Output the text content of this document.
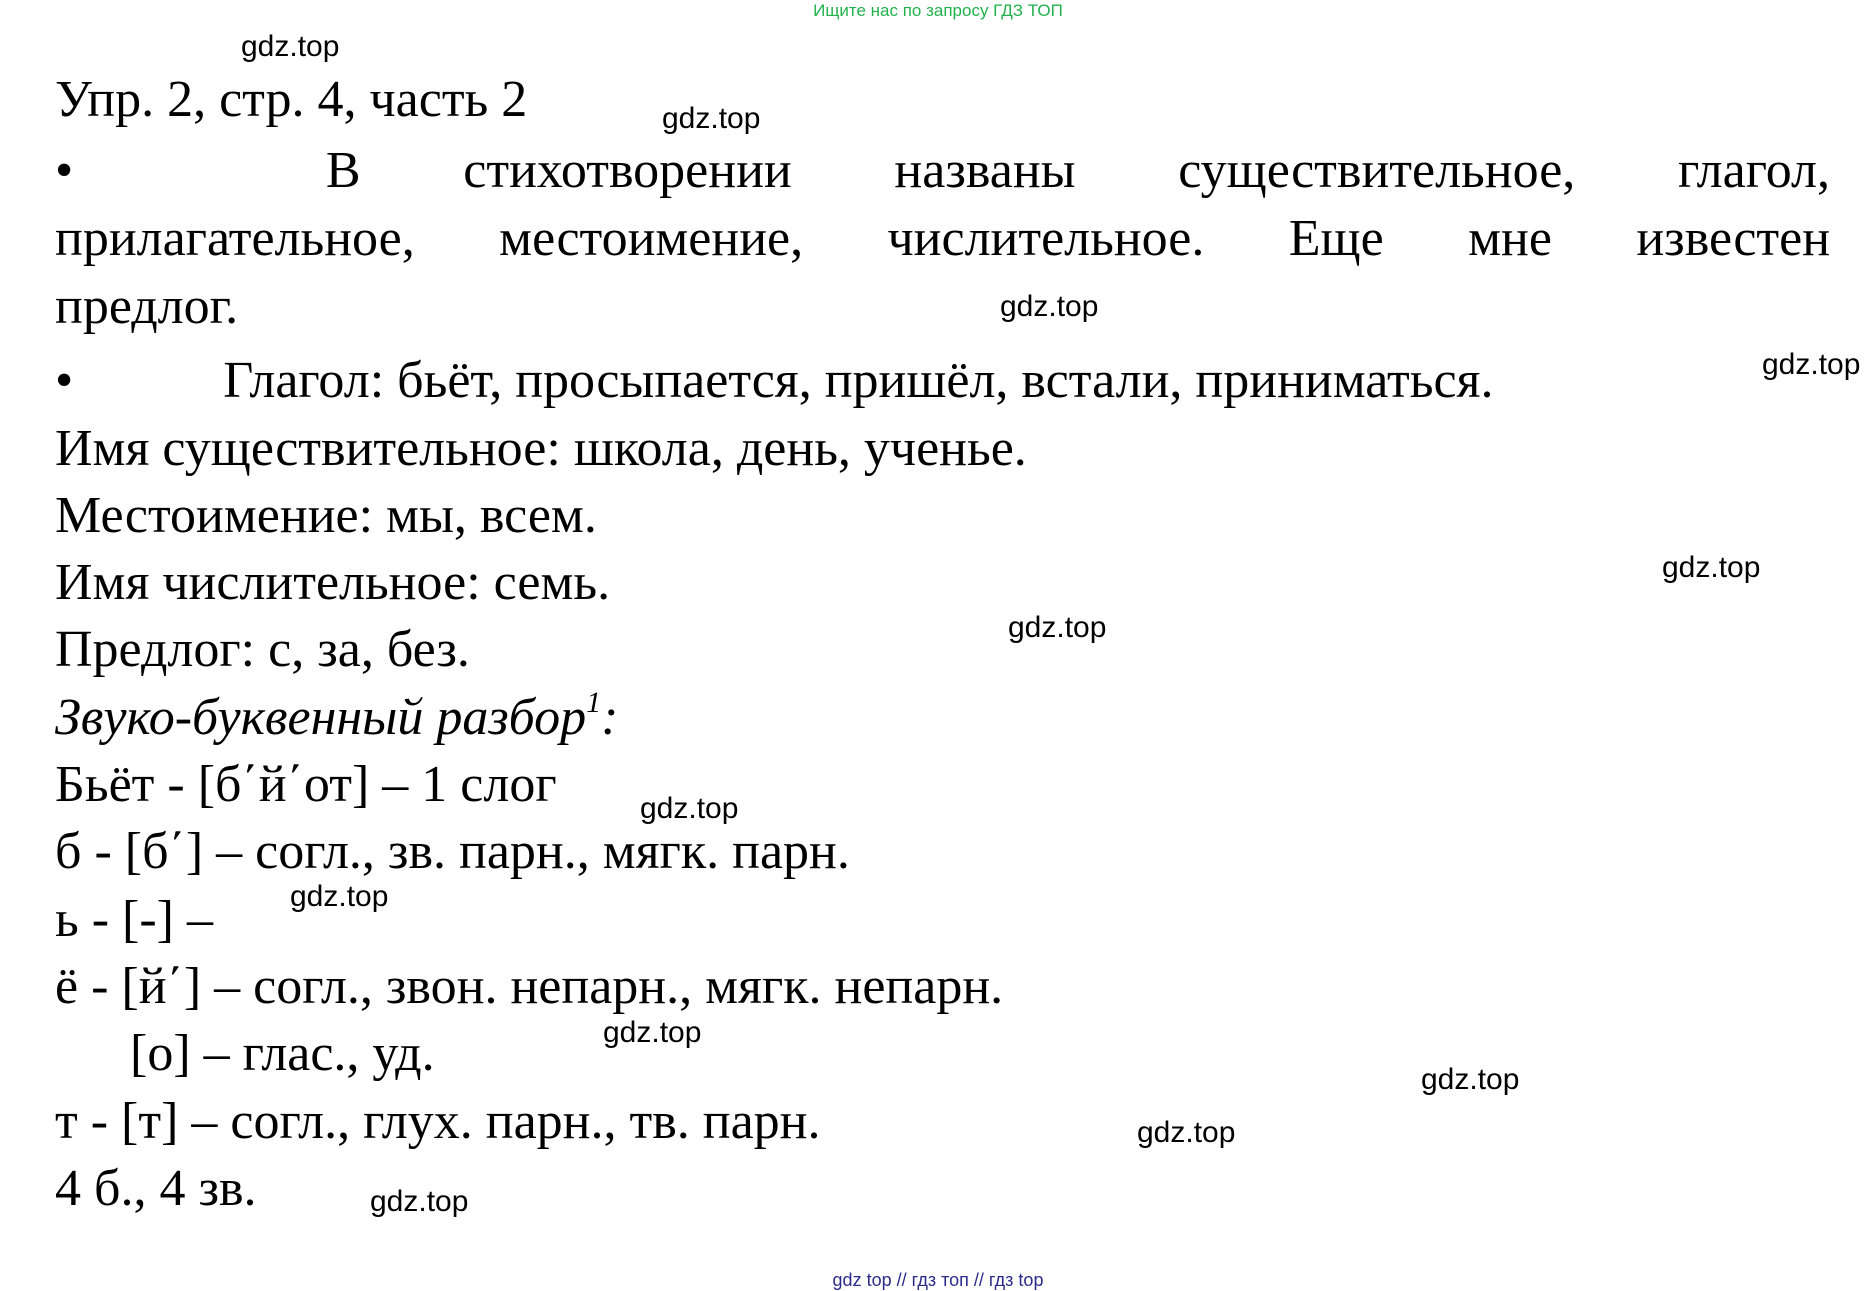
Ищите нас по запросу ГДЗ ТОП
Упр. 2, стр. 4, часть 2
•	В стихотворении названы существительное, глагол,
прилагательное, местоимение, числительное. Еще мне известен
предлог.
•	Глагол: бьёт, просыпается, пришёл, встали, приниматься.
Имя существительное: школа, день, ученье.
Местоимение: мы, всем.
Имя числительное: семь.
Предлог: с, за, без.
Звуко-буквенный разбор$^1$:
Бьёт - [б΄й΄от] – 1 слог
б - [б΄] – согл., зв. парн., мягк. парн.
ь - [-] –
ё - [й΄] – согл., звон. непарн., мягк. непарн.
[о] – глас., уд.
т - [т] – согл., глух. парн., тв. парн.
4 б., 4 зв.
gdz.top
gdz.top
gdz.top
gdz.top
gdz.top
gdz.top
gdz.top
gdz.top
gdz.top
gdz.top
gdz.top
gdz.top
gdz top // гдз топ // гдз top
